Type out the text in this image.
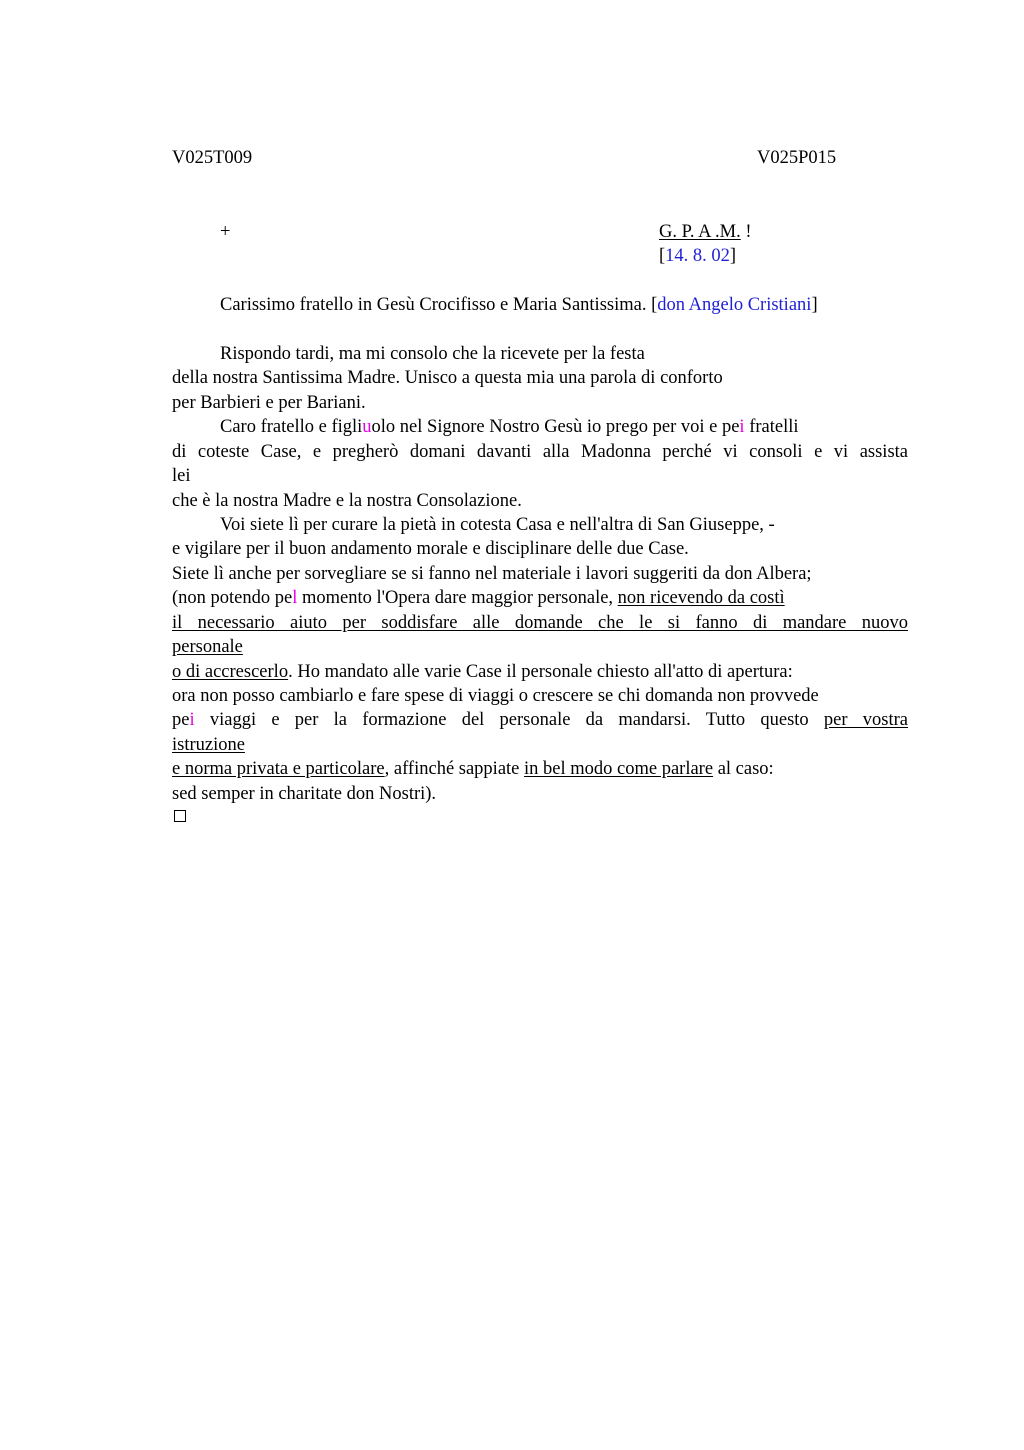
V025T009	V025P015
+	G. P. A .M. !
[14. 8. 02]
Carissimo fratello in Gesù Crocifisso e Maria Santissima. [don Angelo Cristiani]
Rispondo tardi, ma mi consolo che la ricevete per la festa
della nostra Santissima Madre. Unisco a questa mia una parola di conforto
per Barbieri e per Bariani.
Caro fratello e figliuolo nel Signore Nostro Gesù io prego per voi e pei fratelli
di coteste Case, e pregherò domani davanti alla Madonna perché vi consoli e vi assista
lei
che è la nostra Madre e la nostra Consolazione.
Voi siete lì per curare la pietà in cotesta Casa e nell'altra di San Giuseppe, -
e vigilare per il buon andamento morale e disciplinare delle due Case.
Siete lì anche per sorvegliare se si fanno nel materiale i lavori suggeriti da don Albera;
(non potendo pel momento l'Opera dare maggior personale, non ricevendo da costì
il necessario aiuto per soddisfare alle domande che le si fanno di mandare nuovo
personale
o di accrescerlo. Ho mandato alle varie Case il personale chiesto all'atto di apertura:
ora non posso cambiarlo e fare spese di viaggi o crescere se chi domanda non provvede
pei viaggi e per la formazione del personale da mandarsi. Tutto questo per vostra
istruzione
e norma privata e particolare, affinché sappiate in bel modo come parlare al caso:
sed semper in charitate don Nostri).
